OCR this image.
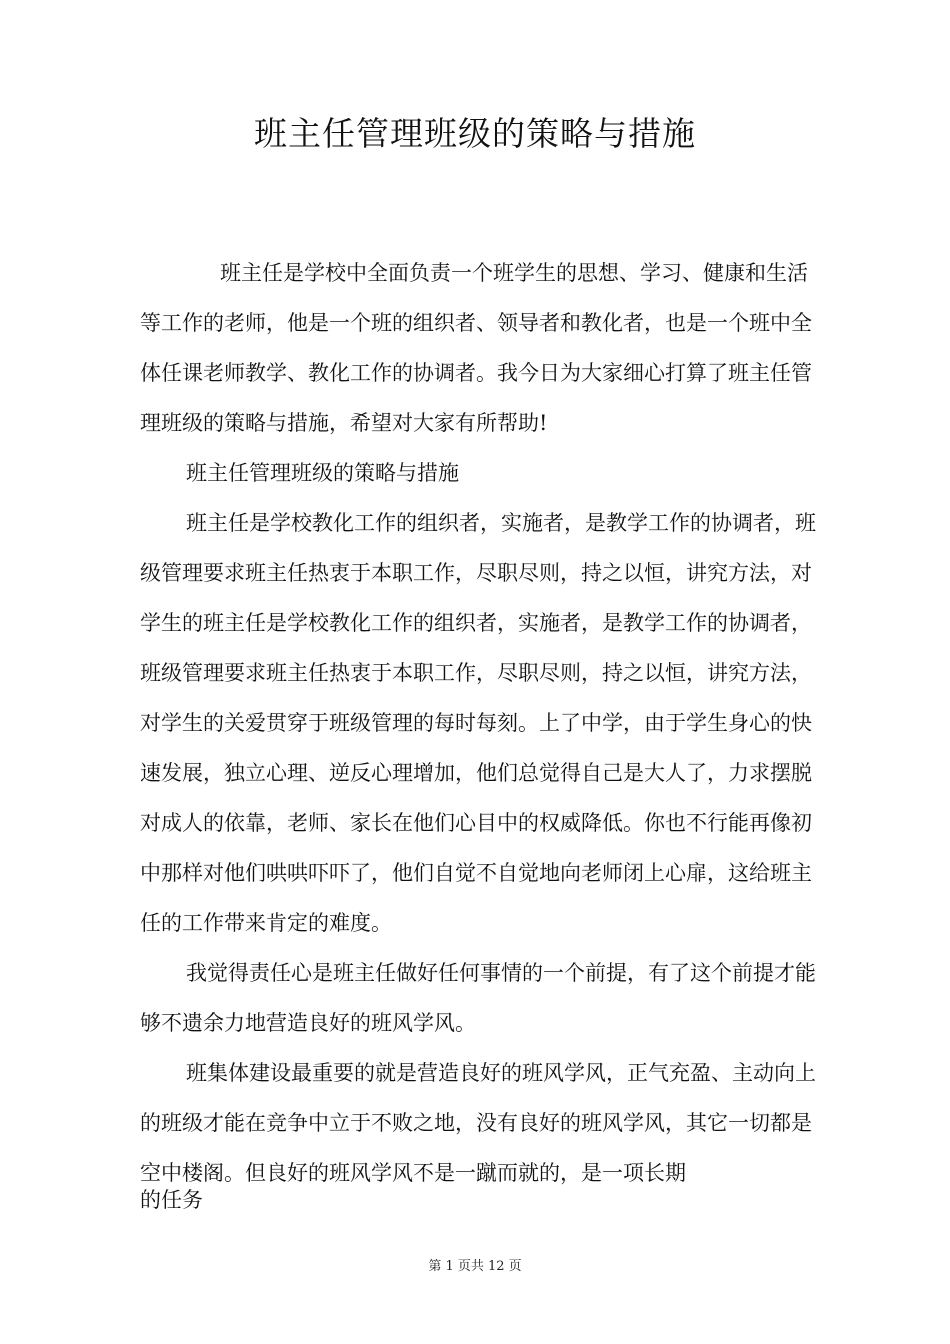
班主任管理班级的策略与措施

班主任是学校中全面负责一个班学生的思想、学习、健康和生活等工作的老师，他是一个班的组织者、领导者和教化者，也是一个班中全体任课老师教学、教化工作的协调者。我今日为大家细心打算了班主任管理班级的策略与措施，希望对大家有所帮助!

班主任管理班级的策略与措施

班主任是学校教化工作的组织者，实施者，是教学工作的协调者，班级管理要求班主任热衷于本职工作，尽职尽则，持之以恒，讲究方法，对学生的班主任是学校教化工作的组织者，实施者，是教学工作的协调者，班级管理要求班主任热衷于本职工作，尽职尽则，持之以恒，讲究方法，对学生的关爱贯穿于班级管理的每时每刻。上了中学，由于学生身心的快速发展，独立心理、逆反心理增加，他们总觉得自己是大人了，力求摆脱对成人的依靠，老师、家长在他们心目中的权威降低。你也不行能再像初中那样对他们哄哄吓吓了，他们自觉不自觉地向老师闭上心扉，这给班主任的工作带来肯定的难度。

我觉得责任心是班主任做好任何事情的一个前提，有了这个前提才能够不遗余力地营造良好的班风学风。

班集体建设最重要的就是营造良好的班风学风，正气充盈、主动向上的班级才能在竞争中立于不败之地，没有良好的班风学风，其它一切都是空中楼阁。但良好的班风学风不是一蹴而就的，是一项长期

的任务

第 1 页共 12 页
